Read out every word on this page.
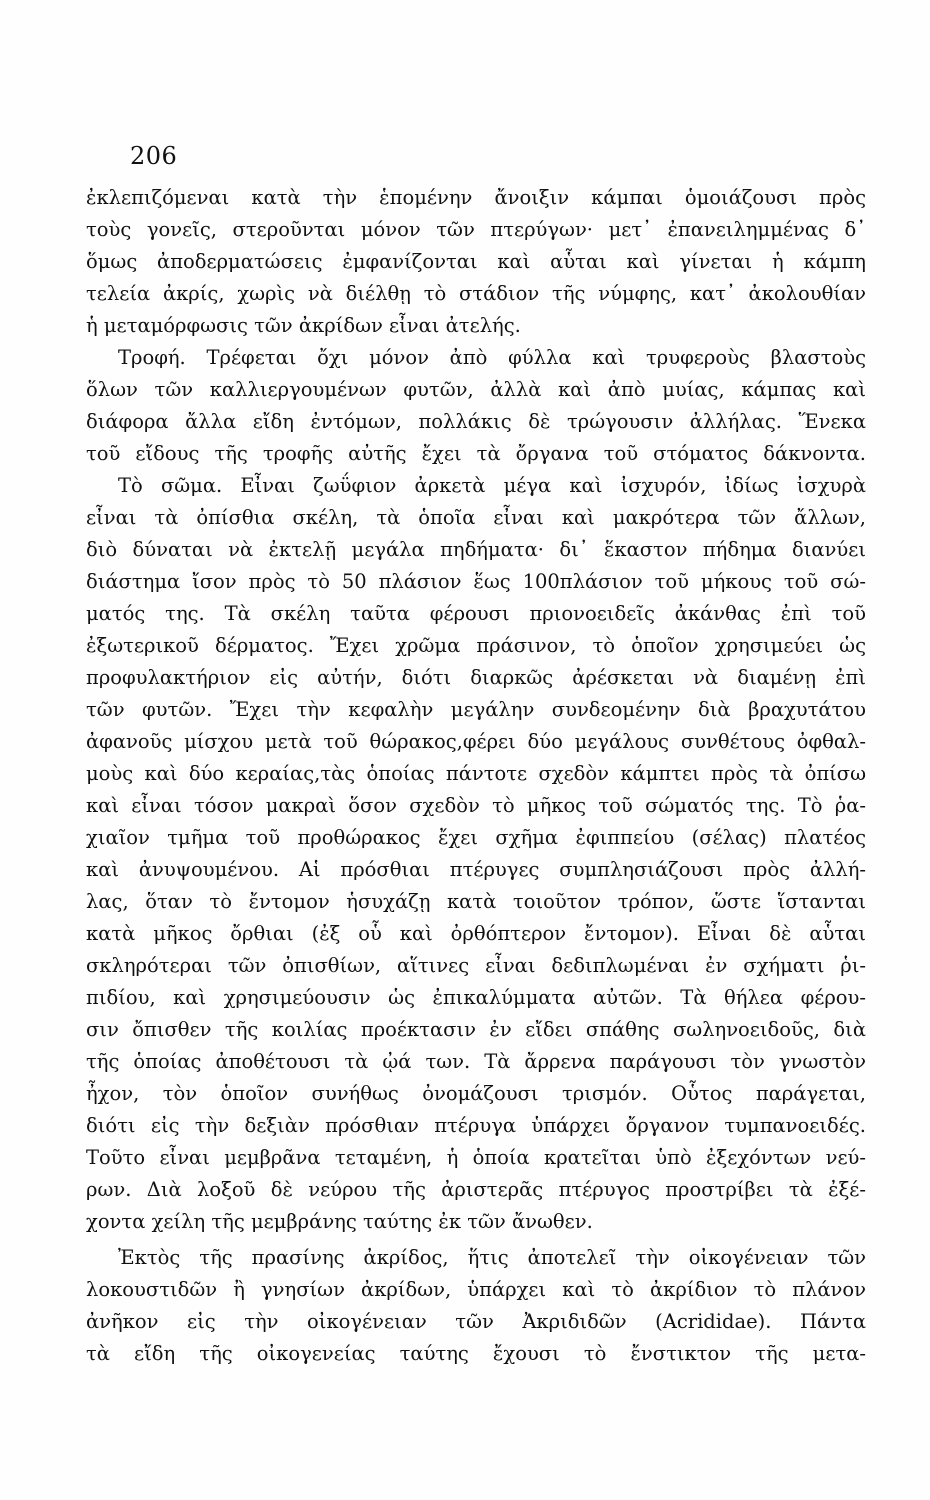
206
ἐκλεπιζόμεναι κατὰ τὴν ἑπομένην ἄνοιξιν κάμπαι ὁμοιάζουσι πρὸς
τοὺς γονεῖς, στεροῦνται μόνον τῶν πτερύγων· μετ᾽ ἐπανειλημμένας δ᾽
ὅμως ἀποδερματώσεις ἐμφανίζονται καὶ αὗται καὶ γίνεται ἡ κάμπη
τελεία ἀκρίς, χωρὶς νὰ διέλθῃ τὸ στάδιον τῆς νύμφης, κατ᾽ ἀκολουθίαν
ἡ μεταμόρφωσις τῶν ἀκρίδων εἶναι ἀτελής.
Τροφή. Τρέφεται ὄχι μόνον ἀπὸ φύλλα καὶ τρυφεροὺς βλαστοὺς
ὅλων τῶν καλλιεργουμένων φυτῶν, ἀλλὰ καὶ ἀπὸ μυίας, κάμπας καὶ
διάφορα ἄλλα εἴδη ἐντόμων, πολλάκις δὲ τρώγουσιν ἀλλήλας. Ἕνεκα
τοῦ εἴδους τῆς τροφῆς αὐτῆς ἔχει τὰ ὄργανα τοῦ στόματος δάκνοντα.
Τὸ σῶμα. Εἶναι ζωΰφιον ἀρκετὰ μέγα καὶ ἰσχυρόν, ἰδίως ἰσχυρὰ
εἶναι τὰ ὀπίσθια σκέλη, τὰ ὁποῖα εἶναι καὶ μακρότερα τῶν ἄλλων,
διὸ δύναται νὰ ἐκτελῇ μεγάλα πηδήματα· δι᾽ ἕκαστον πήδημα διανύει
διάστημα ἴσον πρὸς τὸ 50 πλάσιον ἕως 100πλάσιον τοῦ μήκους τοῦ σώ-
ματός της. Τὰ σκέλη ταῦτα φέρουσι πριονοειδεῖς ἀκάνθας ἐπὶ τοῦ
ἐξωτερικοῦ δέρματος. Ἔχει χρῶμα πράσινον, τὸ ὁποῖον χρησιμεύει ὡς
προφυλακτήριον εἰς αὐτήν, διότι διαρκῶς ἀρέσκεται νὰ διαμένῃ ἐπὶ
τῶν φυτῶν. Ἔχει τὴν κεφαλὴν μεγάλην συνδεομένην διὰ βραχυτάτου
ἀφανοῦς μίσχου μετὰ τοῦ θώρακος,φέρει δύο μεγάλους συνθέτους ὀφθαλ-
μοὺς καὶ δύο κεραίας,τὰς ὁποίας πάντοτε σχεδὸν κάμπτει πρὸς τὰ ὀπίσω
καὶ εἶναι τόσον μακραὶ ὅσον σχεδὸν τὸ μῆκος τοῦ σώματός της. Τὸ ῥα-
χιαῖον τμῆμα τοῦ προθώρακος ἔχει σχῆμα ἐφιππείου (σέλας) πλατέος
καὶ ἀνυψουμένου. Αἱ πρόσθιαι πτέρυγες συμπλησιάζουσι πρὸς ἀλλή-
λας, ὅταν τὸ ἔντομον ἡσυχάζῃ κατὰ τοιοῦτον τρόπον, ὥστε ἵστανται
κατὰ μῆκος ὄρθιαι (ἐξ οὗ καὶ ὀρθόπτερον ἔντομον). Εἶναι δὲ αὗται
σκληρότεραι τῶν ὀπισθίων, αἵτινες εἶναι δεδιπλωμέναι ἐν σχήματι ῥι-
πιδίου, καὶ χρησιμεύουσιν ὡς ἐπικαλύμματα αὐτῶν. Τὰ θήλεα φέρου-
σιν ὄπισθεν τῆς κοιλίας προέκτασιν ἐν εἴδει σπάθης σωληνοειδοῦς, διὰ
τῆς ὁποίας ἀποθέτουσι τὰ ᾠά των. Τὰ ἄρρενα παράγουσι τὸν γνωστὸν
ἦχον, τὸν ὁποῖον συνήθως ὀνομάζουσι τρισμόν. Οὗτος παράγεται,
διότι εἰς τὴν δεξιὰν πρόσθιαν πτέρυγα ὑπάρχει ὄργανον τυμπανοειδές.
Τοῦτο εἶναι μεμβρᾶνα τεταμένη, ἡ ὁποία κρατεῖται ὑπὸ ἐξεχόντων νεύ-
ρων. Διὰ λοξοῦ δὲ νεύρου τῆς ἀριστερᾶς πτέρυγος προστρίβει τὰ ἐξέ-
χοντα χείλη τῆς μεμβράνης ταύτης ἐκ τῶν ἄνωθεν.
Ἐκτὸς τῆς πρασίνης ἀκρίδος, ἥτις ἀποτελεῖ τὴν οἰκογένειαν τῶν
λοκουστιδῶν ἢ γνησίων ἀκρίδων, ὑπάρχει καὶ τὸ ἀκρίδιον τὸ πλάνον
ἀνῆκον εἰς τὴν οἰκογένειαν τῶν Ἀκριδιδῶν (Acrididae). Πάντα
τὰ εἴδη τῆς οἰκογενείας ταύτης ἔχουσι τὸ ἔνστικτον τῆς μετα-
